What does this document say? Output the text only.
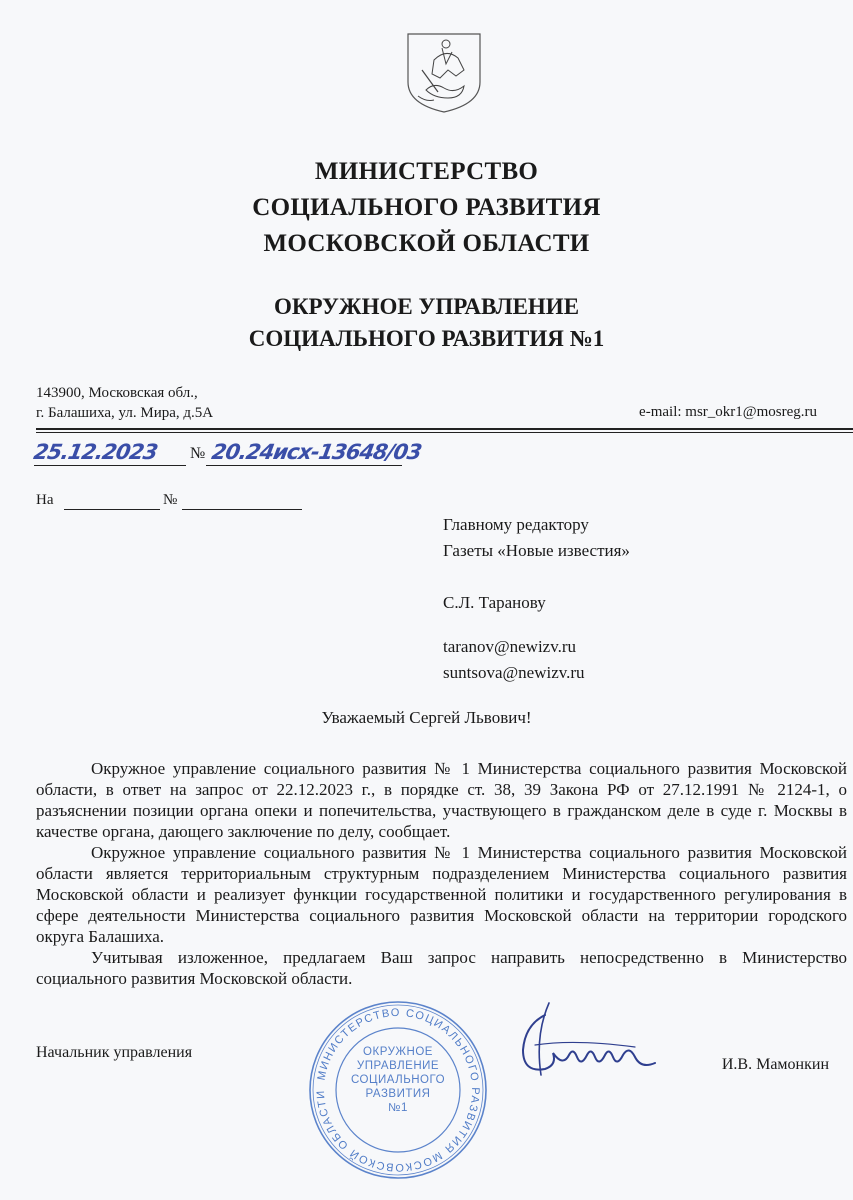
МИНИСТЕРСТВО
СОЦИАЛЬНОГО РАЗВИТИЯ
МОСКОВСКОЙ ОБЛАСТИ
ОКРУЖНОЕ УПРАВЛЕНИЕ
СОЦИАЛЬНОГО РАЗВИТИЯ №1
143900, Московская обл.,
г. Балашиха, ул. Мира, д.5А	e-mail: msr_okr1@mosreg.ru
25.12.2023 № 20.24исх-13648/03
На	№
Главному редактору
Газеты «Новые известия»
С.Л. Таранову
taranov@newizv.ru
suntsova@newizv.ru
Уважаемый Сергей Львович!

Окружное управление социального развития № 1 Министерства социального развития Московской области, в ответ на запрос от 22.12.2023 г., в порядке ст. 38, 39 Закона РФ от 27.12.1991 № 2124-1, о разъяснении позиции органа опеки и попечительства, участвующего в гражданском деле в суде г. Москвы в качестве органа, дающего заключение по делу, сообщает.

Окружное управление социального развития № 1 Министерства социального развития Московской области является территориальным структурным подразделением Министерства социального развития Московской области и реализует функции государственной политики и государственного регулирования в сфере деятельности Министерства социального развития Московской области на территории городского округа Балашиха.

Учитывая изложенное, предлагаем Ваш запрос направить непосредственно в Министерство социального развития Московской области.

Начальник управления
И.В. Мамонкин
МИНИСТЕРСТВО СОЦИАЛЬНОГО РАЗВИТИЯ МОСКОВСКОЙ ОБЛАСТИ
ОКРУЖНОЕ
УПРАВЛЕНИЕ
СОЦИАЛЬНОГО
РАЗВИТИЯ
№1
